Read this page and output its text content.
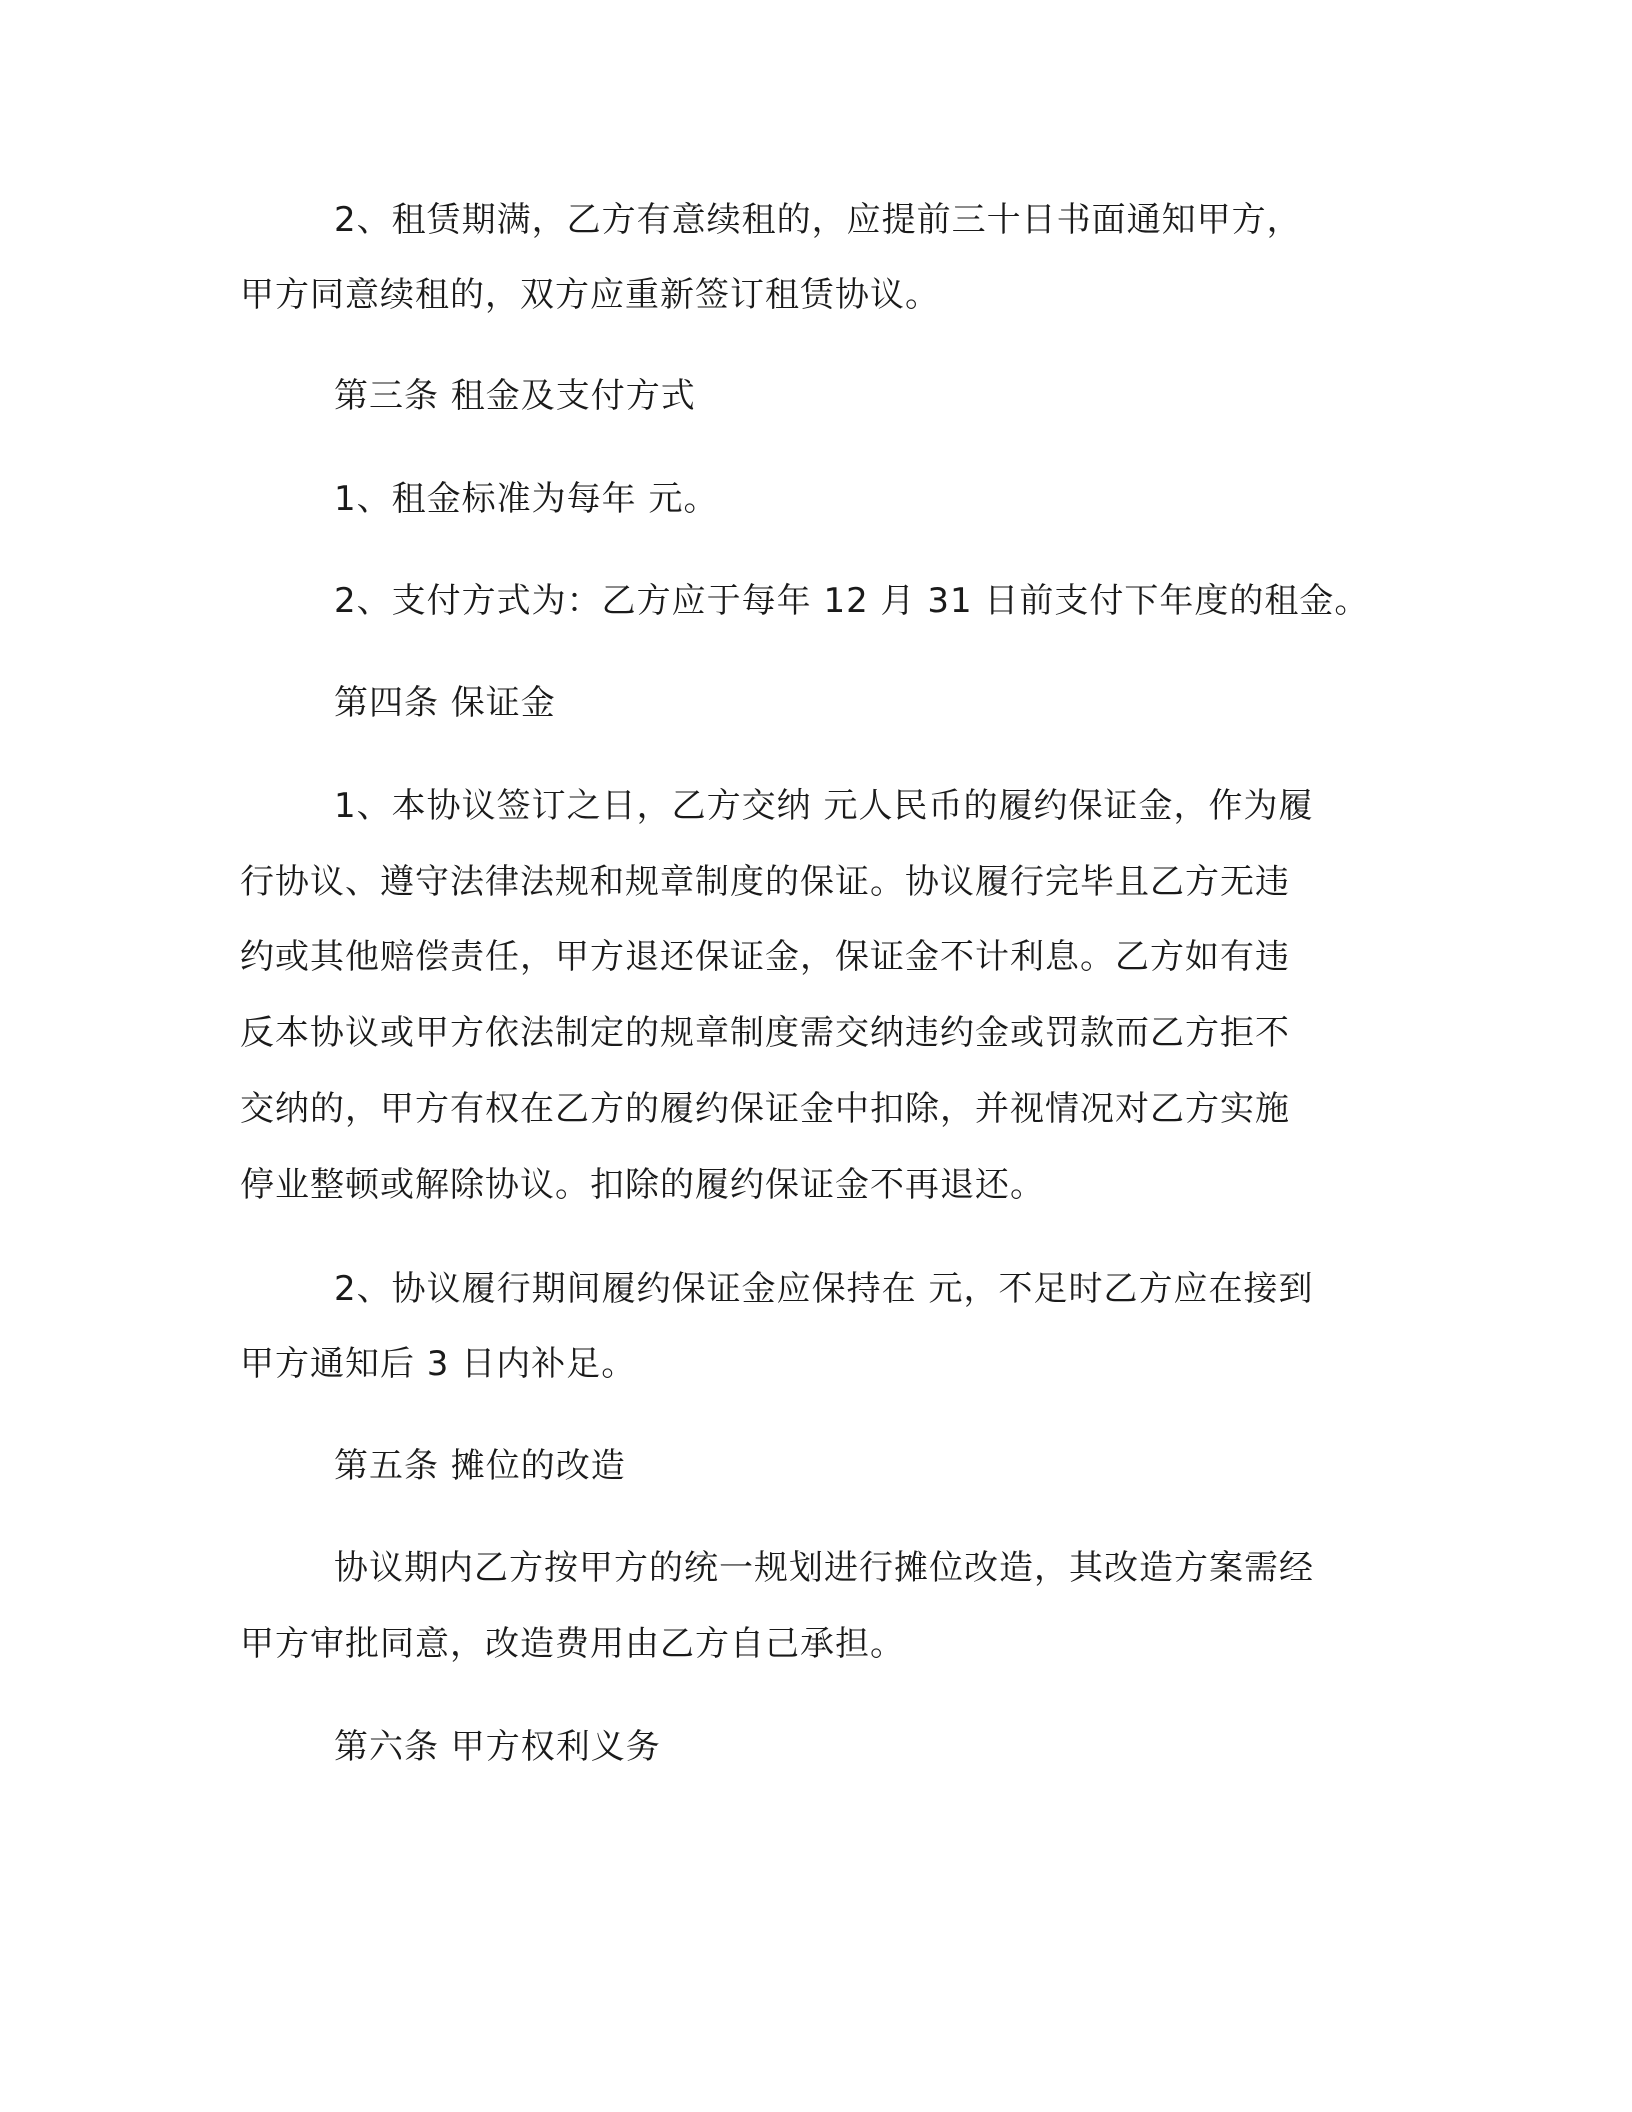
2、租赁期满，乙方有意续租的，应提前三十日书面通知甲方，
甲方同意续租的，双方应重新签订租赁协议。
第三条 租金及支付方式
1、租金标准为每年 元。
2、支付方式为：乙方应于每年 12 月 31 日前支付下年度的租金。
第四条 保证金
1、本协议签订之日，乙方交纳 元人民币的履约保证金，作为履
行协议、遵守法律法规和规章制度的保证。协议履行完毕且乙方无违
约或其他赔偿责任，甲方退还保证金，保证金不计利息。乙方如有违
反本协议或甲方依法制定的规章制度需交纳违约金或罚款而乙方拒不
交纳的，甲方有权在乙方的履约保证金中扣除，并视情况对乙方实施
停业整顿或解除协议。扣除的履约保证金不再退还。
2、协议履行期间履约保证金应保持在 元，不足时乙方应在接到
甲方通知后 3 日内补足。
第五条 摊位的改造
协议期内乙方按甲方的统一规划进行摊位改造，其改造方案需经
甲方审批同意，改造费用由乙方自己承担。
第六条 甲方权利义务
